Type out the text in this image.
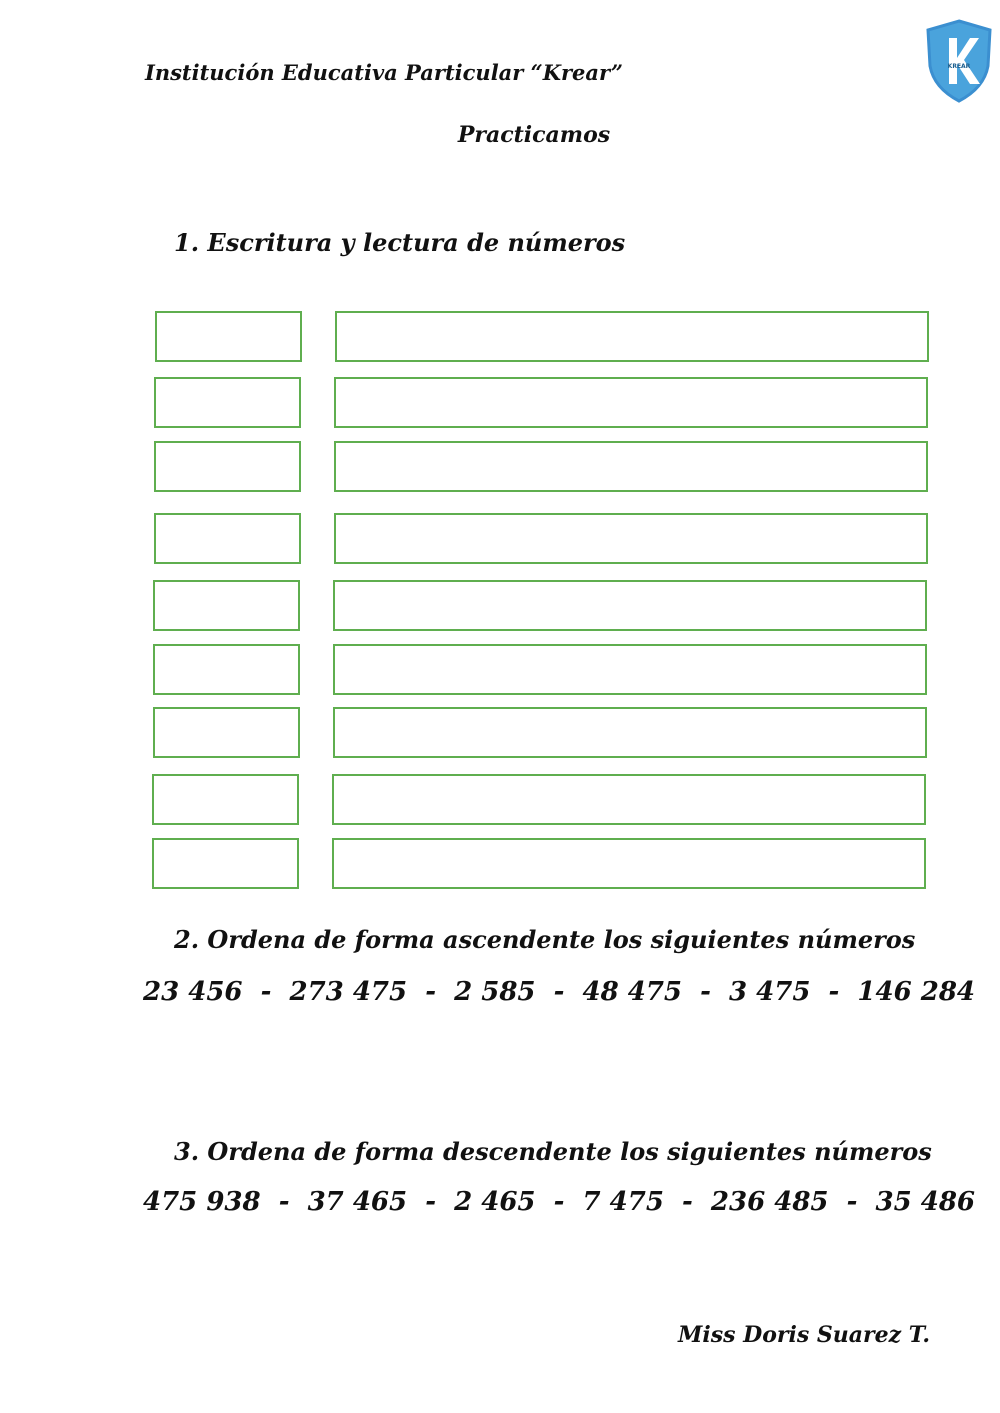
Institución Educativa Particular “Krear”	KREAR
Practicamos
1. Escritura y lectura de números
2. Ordena de forma ascendente los siguientes números
23 456  -  273 475  -  2 585  -  48 475  -  3 475  -  146 284
3. Ordena de forma descendente los siguientes números
475 938  -  37 465  -  2 465  -  7 475  -  236 485  -  35 486
Miss Doris Suarez T.
